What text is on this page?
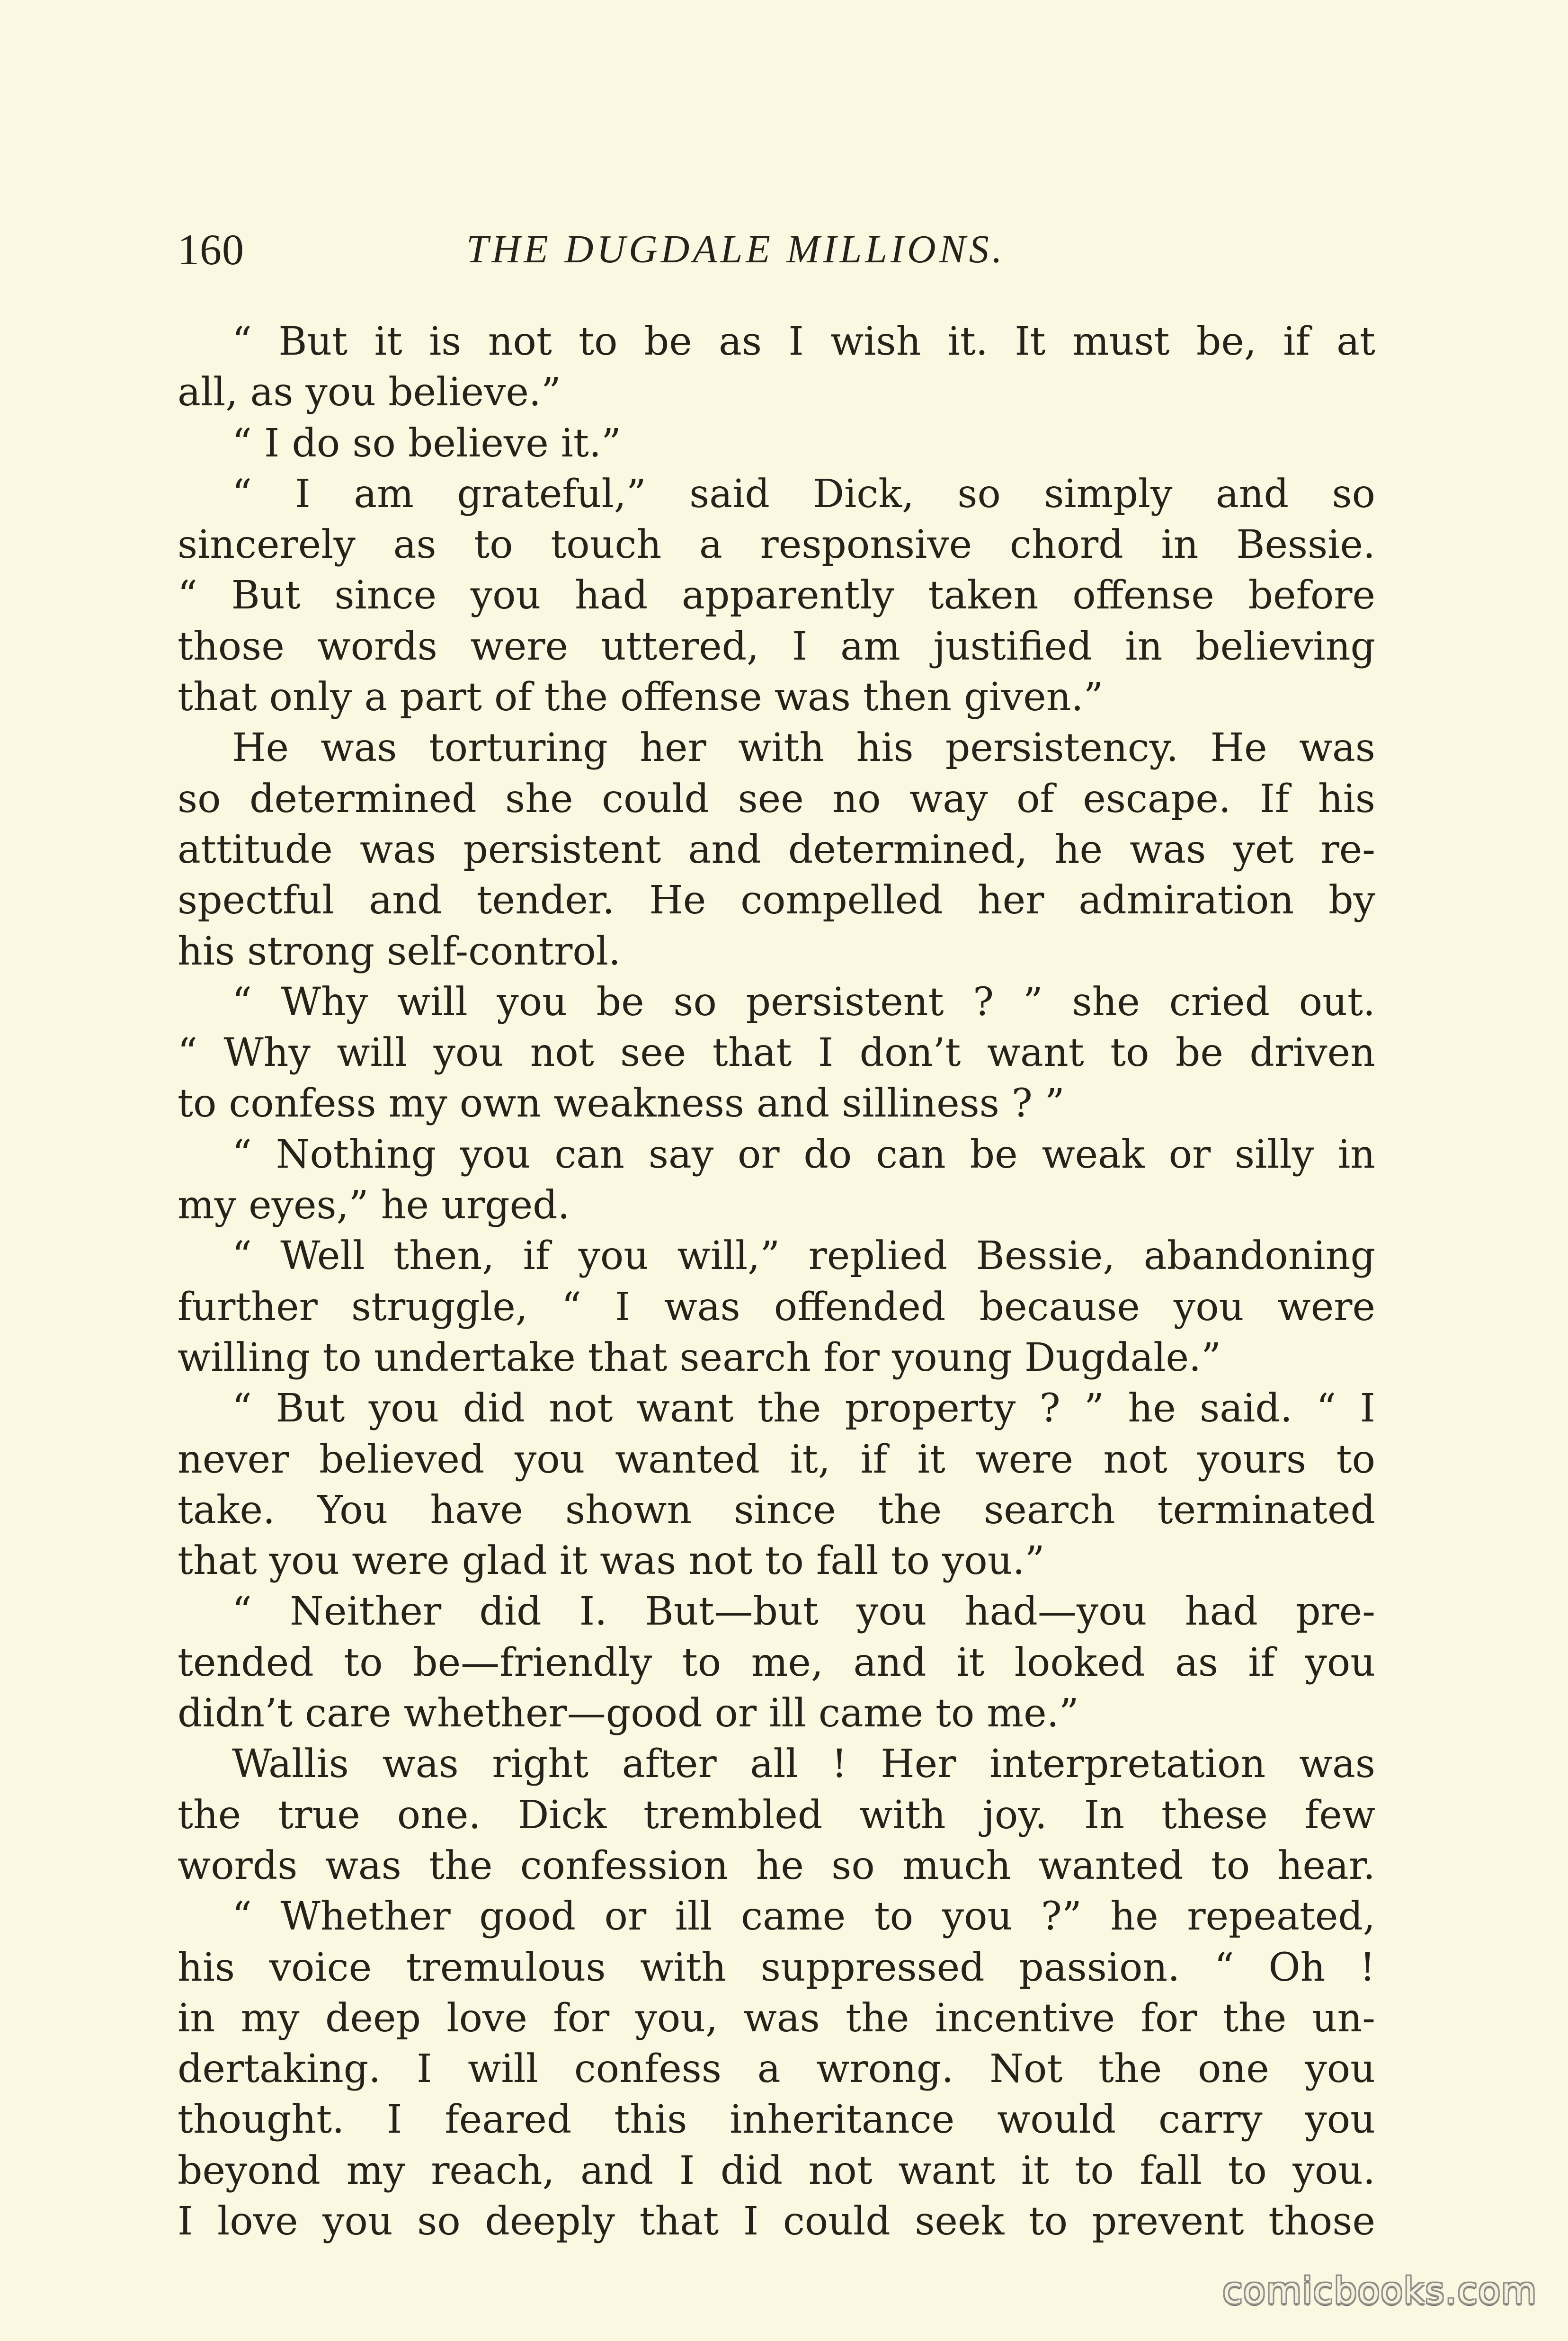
160	THE DUGDALE MILLIONS.
“ But it is not to be as I wish it. It must be, if at
all, as you believe.”
“ I do so believe it.”
“ I am grateful,” said Dick, so simply and so
sincerely as to touch a responsive chord in Bessie.
“ But since you had apparently taken offense before
those words were uttered, I am justified in believing
that only a part of the offense was then given.”
He was torturing her with his persistency. He was
so determined she could see no way of escape. If his
attitude was persistent and determined, he was yet re-
spectful and tender. He compelled her admiration by
his strong self-control.
“ Why will you be so persistent ? ” she cried out.
“ Why will you not see that I don’t want to be driven
to confess my own weakness and silliness ? ”
“ Nothing you can say or do can be weak or silly in
my eyes,” he urged.
“ Well then, if you will,” replied Bessie, abandoning
further struggle, “ I was offended because you were
willing to undertake that search for young Dugdale.”
“ But you did not want the property ? ” he said. “ I
never believed you wanted it, if it were not yours to
take. You have shown since the search terminated
that you were glad it was not to fall to you.”
“ Neither did I. But—but you had—you had pre-
tended to be—friendly to me, and it looked as if you
didn’t care whether—good or ill came to me.”
Wallis was right after all ! Her interpretation was
the true one. Dick trembled with joy. In these few
words was the confession he so much wanted to hear.
“ Whether good or ill came to you ?” he repeated,
his voice tremulous with suppressed passion. “ Oh !
in my deep love for you, was the incentive for the un-
dertaking. I will confess a wrong. Not the one you
thought. I feared this inheritance would carry you
beyond my reach, and I did not want it to fall to you.
I love you so deeply that I could seek to prevent those
comicbooks.com
